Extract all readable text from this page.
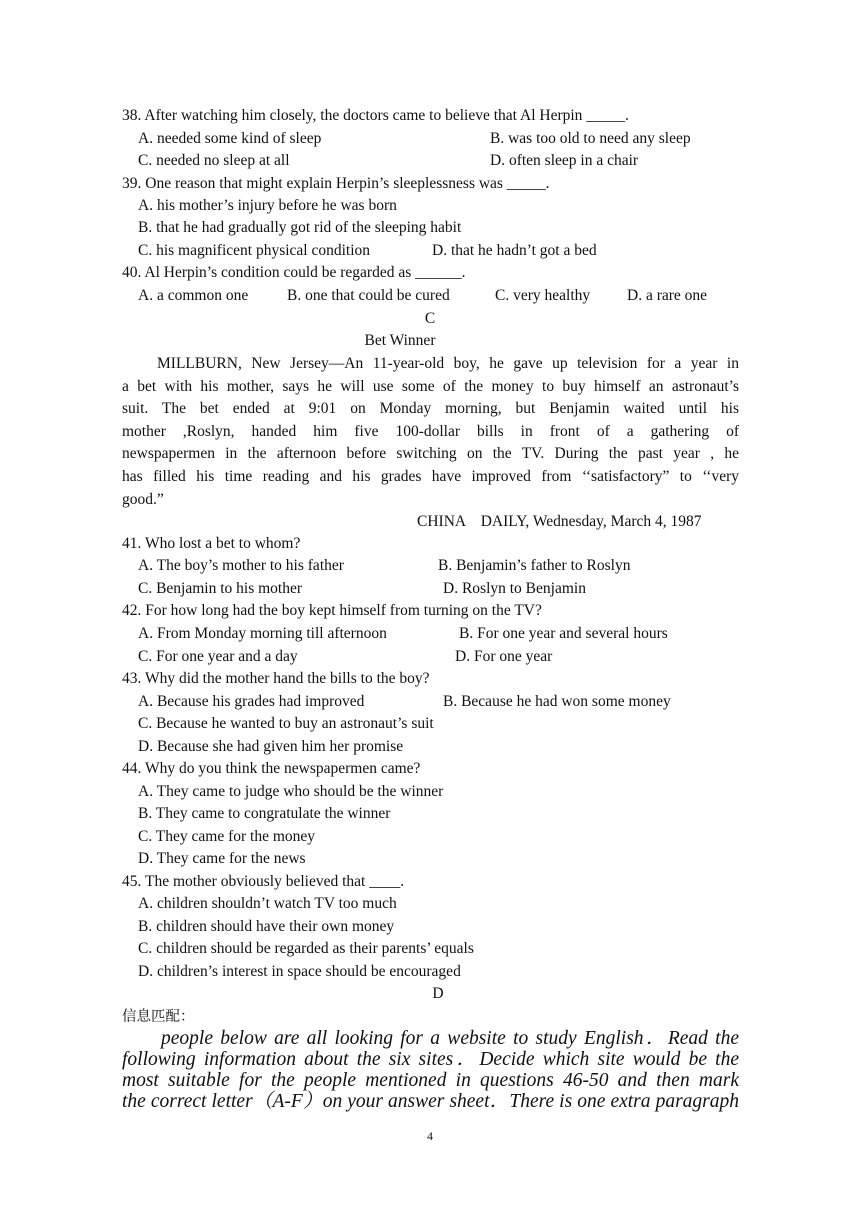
38. After watching him closely, the doctors came to believe that Al Herpin _____.
A. needed some kind of sleep	B. was too old to need any sleep
C. needed no sleep at all	D. often sleep in a chair
39. One reason that might explain Herpin’s sleeplessness was _____.
A. his mother’s injury before he was born
B. that he had gradually got rid of the sleeping habit
C. his magnificent physical condition	D. that he hadn’t got a bed
40. Al Herpin’s condition could be regarded as ______.
A. a common one	B. one that could be cured	C. very healthy D. a rare one
C
Bet Winner
MILLBURN, New Jersey—An 11-year-old boy, he gave up television for a year in
a bet with his mother, says he will use some of the money to buy himself an astronaut’s
suit. The bet ended at 9:01 on Monday morning, but Benjamin waited until his
mother ,Roslyn, handed him five 100-dollar bills in front of a gathering of
newspapermen in the afternoon before switching on the TV. During the past year , he
has filled his time reading and his grades have improved from ‘‘satisfactory” to ‘‘very
good.”
CHINA    DAILY, Wednesday, March 4, 1987
41. Who lost a bet to whom?
A. The boy’s mother to his father	B. Benjamin’s father to Roslyn
C. Benjamin to his mother	D. Roslyn to Benjamin
42. For how long had the boy kept himself from turning on the TV?
A. From Monday morning till afternoon	B. For one year and several hours
C. For one year and a day	D. For one year
43. Why did the mother hand the bills to the boy?
A. Because his grades had improved	B. Because he had won some money
C. Because he wanted to buy an astronaut’s suit
D. Because she had given him her promise
44. Why do you think the newspapermen came?
A. They came to judge who should be the winner
B. They came to congratulate the winner
C. They came for the money
D. They came for the news
45. The mother obviously believed that ____.
A. children shouldn’t watch TV too much
B. children should have their own money
C. children should be regarded as their parents’ equals
D. children’s interest in space should be encouraged
D
信息匹配：
people below are all looking for a website to study English．Read the
following information about the six sites．Decide which site would be the
most suitable for the people mentioned in questions 46-50 and then mark
the correct letter（A-F）on your answer sheet．There is one extra paragraph
4
